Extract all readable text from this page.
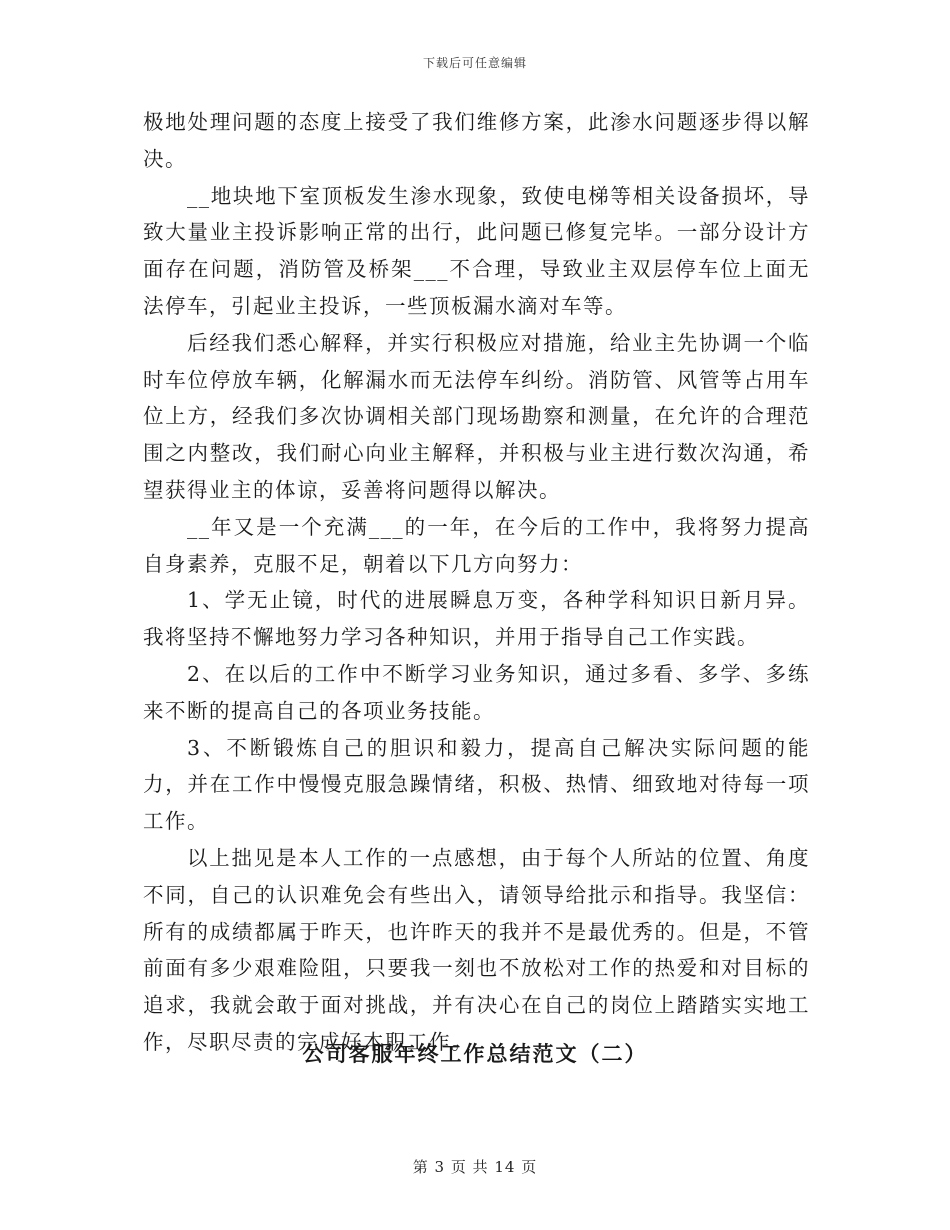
下载后可任意编辑

极地处理问题的态度上接受了我们维修方案，此渗水问题逐步得以解决。

__地块地下室顶板发生渗水现象，致使电梯等相关设备损坏，导致大量业主投诉影响正常的出行，此问题已修复完毕。一部分设计方面存在问题，消防管及桥架___不合理，导致业主双层停车位上面无法停车，引起业主投诉，一些顶板漏水滴对车等。

后经我们悉心解释，并实行积极应对措施，给业主先协调一个临时车位停放车辆，化解漏水而无法停车纠纷。消防管、风管等占用车位上方，经我们多次协调相关部门现场勘察和测量，在允许的合理范围之内整改，我们耐心向业主解释，并积极与业主进行数次沟通，希望获得业主的体谅，妥善将问题得以解决。

__年又是一个充满___的一年，在今后的工作中，我将努力提高自身素养，克服不足，朝着以下几方向努力：

1、学无止镜，时代的进展瞬息万变，各种学科知识日新月异。我将坚持不懈地努力学习各种知识，并用于指导自己工作实践。

2、在以后的工作中不断学习业务知识，通过多看、多学、多练来不断的提高自己的各项业务技能。

3、不断锻炼自己的胆识和毅力，提高自己解决实际问题的能力，并在工作中慢慢克服急躁情绪，积极、热情、细致地对待每一项工作。

以上拙见是本人工作的一点感想，由于每个人所站的位置、角度不同，自己的认识难免会有些出入，请领导给批示和指导。我坚信：所有的成绩都属于昨天，也许昨天的我并不是最优秀的。但是，不管前面有多少艰难险阻，只要我一刻也不放松对工作的热爱和对目标的追求，我就会敢于面对挑战，并有决心在自己的岗位上踏踏实实地工作，尽职尽责的完成好本职工作。

公司客服年终工作总结范文（二）
第 3 页 共 14 页
